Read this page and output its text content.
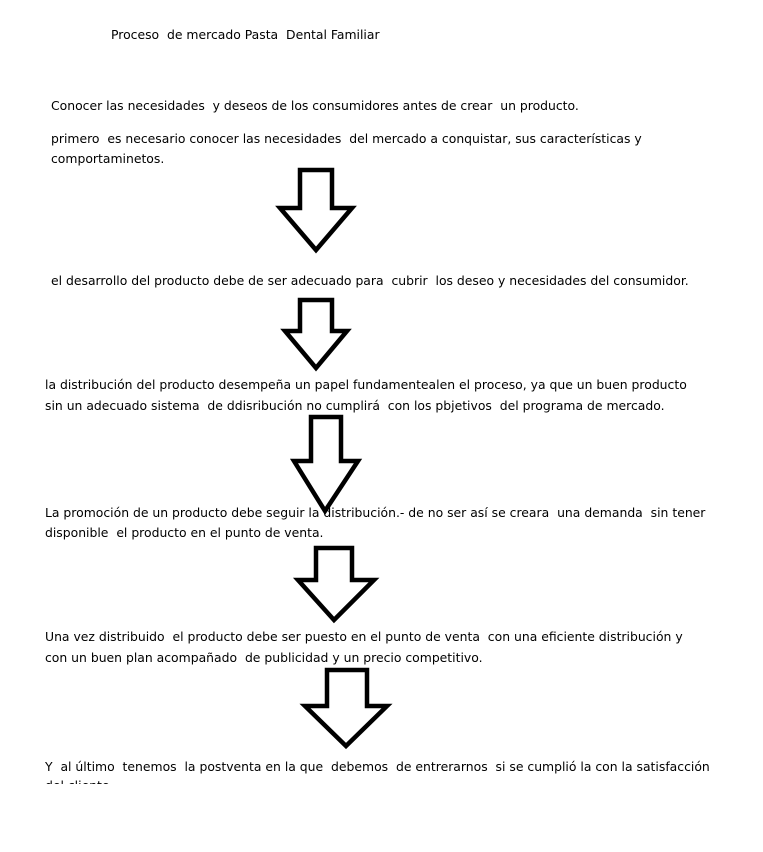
Proceso  de mercado Pasta  Dental Familiar

Conocer las necesidades  y deseos de los consumidores antes de crear  un producto.

primero  es necesario conocer las necesidades  del mercado a conquistar, sus características y

comportaminetos.

el desarrollo del producto debe de ser adecuado para  cubrir  los deseo y necesidades del consumidor.

la distribución del producto desempeña un papel fundamentealen el proceso, ya que un buen producto

sin un adecuado sistema  de ddisribución no cumplirá  con los pbjetivos  del programa de mercado.

La promoción de un producto debe seguir la distribución.- de no ser así se creara  una demanda  sin tener

disponible  el producto en el punto de venta.

Una vez distribuido  el producto debe ser puesto en el punto de venta  con una eficiente distribución y

con un buen plan acompañado  de publicidad y un precio competitivo.

Y  al último  tenemos  la postventa en la que  debemos  de entrerarnos  si se cumplió la con la satisfacción
